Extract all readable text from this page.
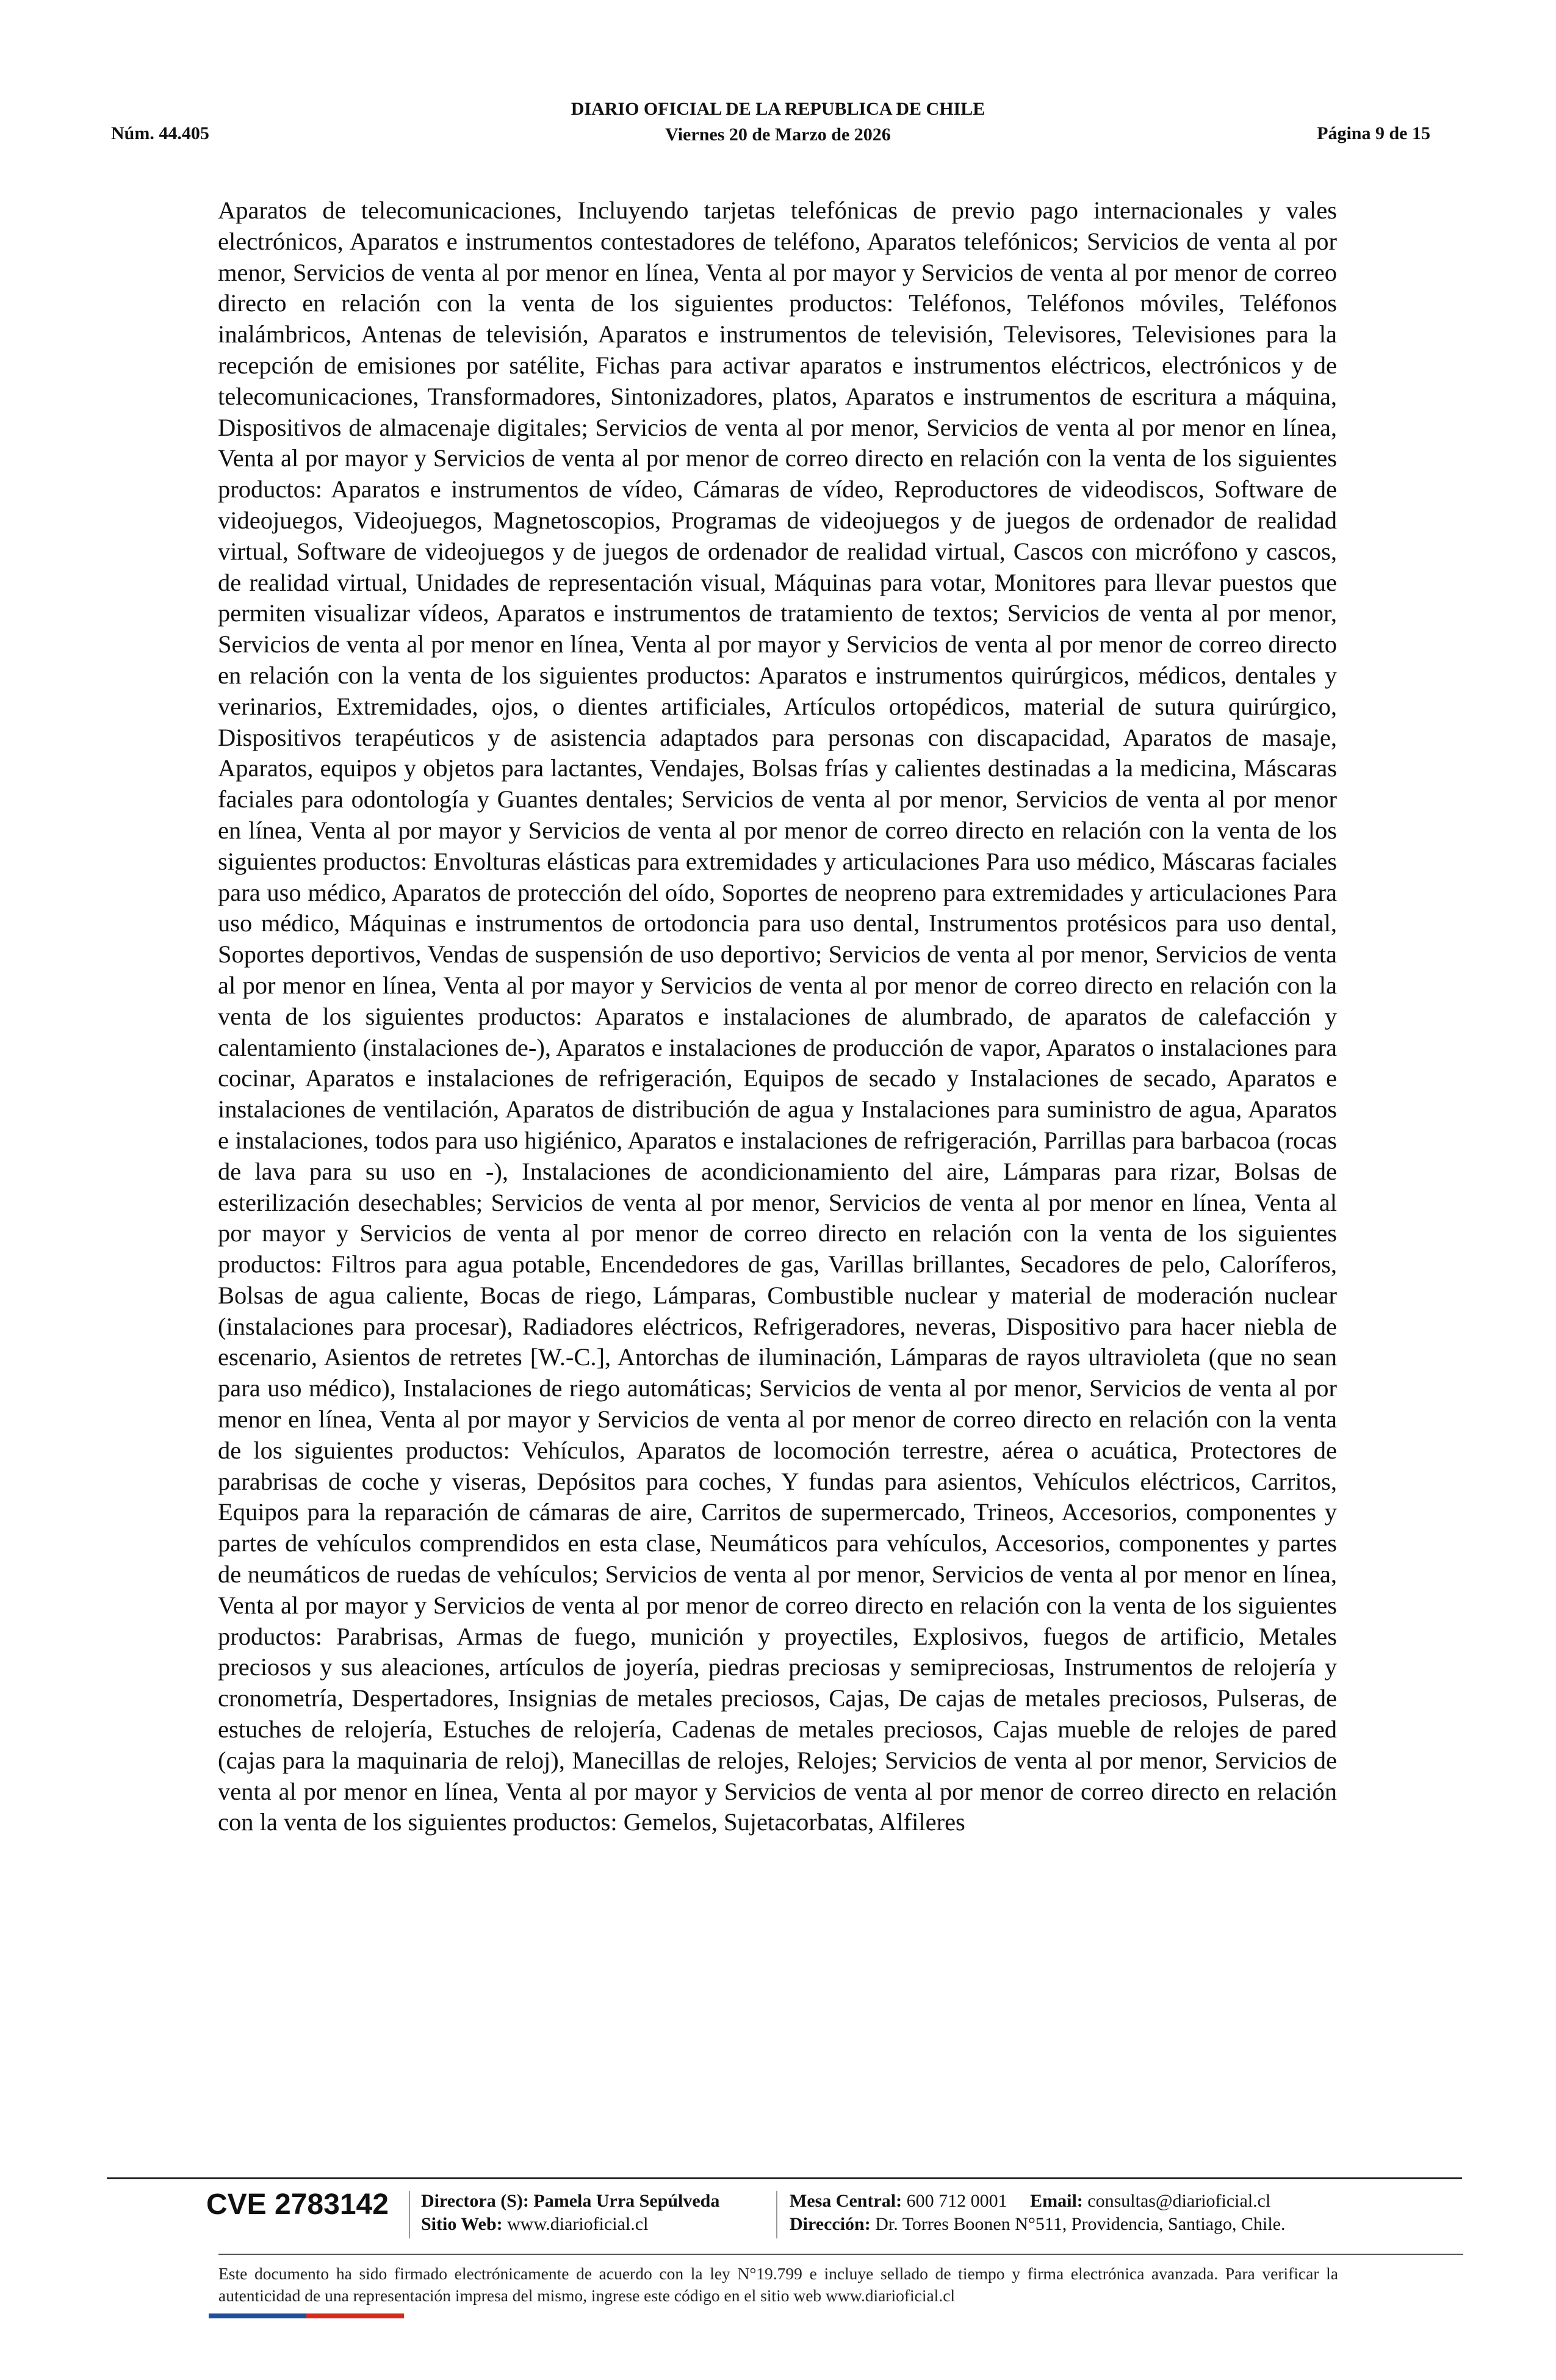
Núm. 44.405
DIARIO OFICIAL DE LA REPUBLICA DE CHILE
Viernes 20 de Marzo de 2026	Página 9 de 15
Aparatos de telecomunicaciones, Incluyendo tarjetas telefónicas de previo pago internacionales y vales electrónicos, Aparatos e instrumentos contestadores de teléfono, Aparatos telefónicos; Servicios de venta al por menor, Servicios de venta al por menor en línea, Venta al por mayor y Servicios de venta al por menor de correo directo en relación con la venta de los siguientes productos: Teléfonos, Teléfonos móviles, Teléfonos inalámbricos, Antenas de televisión, Aparatos e instrumentos de televisión, Televisores, Televisiones para la recepción de emisiones por satélite, Fichas para activar aparatos e instrumentos eléctricos, electrónicos y de telecomunicaciones, Transformadores, Sintonizadores, platos, Aparatos e instrumentos de escritura a máquina, Dispositivos de almacenaje digitales; Servicios de venta al por menor, Servicios de venta al por menor en línea, Venta al por mayor y Servicios de venta al por menor de correo directo en relación con la venta de los siguientes productos: Aparatos e instrumentos de vídeo, Cámaras de vídeo, Reproductores de videodiscos, Software de videojuegos, Videojuegos, Magnetoscopios, Programas de videojuegos y de juegos de ordenador de realidad virtual, Software de videojuegos y de juegos de ordenador de realidad virtual, Cascos con micrófono y cascos, de realidad virtual, Unidades de representación visual, Máquinas para votar, Monitores para llevar puestos que permiten visualizar vídeos, Aparatos e instrumentos de tratamiento de textos; Servicios de venta al por menor, Servicios de venta al por menor en línea, Venta al por mayor y Servicios de venta al por menor de correo directo en relación con la venta de los siguientes productos: Aparatos e instrumentos quirúrgicos, médicos, dentales y verinarios, Extremidades, ojos, o dientes artificiales, Artículos ortopédicos, material de sutura quirúrgico, Dispositivos terapéuticos y de asistencia adaptados para personas con discapacidad, Aparatos de masaje, Aparatos, equipos y objetos para lactantes, Vendajes, Bolsas frías y calientes destinadas a la medicina, Máscaras faciales para odontología y Guantes dentales; Servicios de venta al por menor, Servicios de venta al por menor en línea, Venta al por mayor y Servicios de venta al por menor de correo directo en relación con la venta de los siguientes productos: Envolturas elásticas para extremidades y articulaciones Para uso médico, Máscaras faciales para uso médico, Aparatos de protección del oído, Soportes de neopreno para extremidades y articulaciones Para uso médico, Máquinas e instrumentos de ortodoncia para uso dental, Instrumentos protésicos para uso dental, Soportes deportivos, Vendas de suspensión de uso deportivo; Servicios de venta al por menor, Servicios de venta al por menor en línea, Venta al por mayor y Servicios de venta al por menor de correo directo en relación con la venta de los siguientes productos: Aparatos e instalaciones de alumbrado, de aparatos de calefacción y calentamiento (instalaciones de-), Aparatos e instalaciones de producción de vapor, Aparatos o instalaciones para cocinar, Aparatos e instalaciones de refrigeración, Equipos de secado y Instalaciones de secado, Aparatos e instalaciones de ventilación, Aparatos de distribución de agua y Instalaciones para suministro de agua, Aparatos e instalaciones, todos para uso higiénico, Aparatos e instalaciones de refrigeración, Parrillas para barbacoa (rocas de lava para su uso en -), Instalaciones de acondicionamiento del aire, Lámparas para rizar, Bolsas de esterilización desechables; Servicios de venta al por menor, Servicios de venta al por menor en línea, Venta al por mayor y Servicios de venta al por menor de correo directo en relación con la venta de los siguientes productos: Filtros para agua potable, Encendedores de gas, Varillas brillantes, Secadores de pelo, Caloríferos, Bolsas de agua caliente, Bocas de riego, Lámparas, Combustible nuclear y material de moderación nuclear (instalaciones para procesar), Radiadores eléctricos, Refrigeradores, neveras, Dispositivo para hacer niebla de escenario, Asientos de retretes [W.-C.], Antorchas de iluminación, Lámparas de rayos ultravioleta (que no sean para uso médico), Instalaciones de riego automáticas; Servicios de venta al por menor, Servicios de venta al por menor en línea, Venta al por mayor y Servicios de venta al por menor de correo directo en relación con la venta de los siguientes productos: Vehículos, Aparatos de locomoción terrestre, aérea o acuática, Protectores de parabrisas de coche y viseras, Depósitos para coches, Y fundas para asientos, Vehículos eléctricos, Carritos, Equipos para la reparación de cámaras de aire, Carritos de supermercado, Trineos, Accesorios, componentes y partes de vehículos comprendidos en esta clase, Neumáticos para vehículos, Accesorios, componentes y partes de neumáticos de ruedas de vehículos; Servicios de venta al por menor, Servicios de venta al por menor en línea, Venta al por mayor y Servicios de venta al por menor de correo directo en relación con la venta de los siguientes productos: Parabrisas, Armas de fuego, munición y proyectiles, Explosivos, fuegos de artificio, Metales preciosos y sus aleaciones, artículos de joyería, piedras preciosas y semipreciosas, Instrumentos de relojería y cronometría, Despertadores, Insignias de metales preciosos, Cajas, De cajas de metales preciosos, Pulseras, de estuches de relojería, Estuches de relojería, Cadenas de metales preciosos, Cajas mueble de relojes de pared (cajas para la maquinaria de reloj), Manecillas de relojes, Relojes; Servicios de venta al por menor, Servicios de venta al por menor en línea, Venta al por mayor y Servicios de venta al por menor de correo directo en relación con la venta de los siguientes productos: Gemelos, Sujetacorbatas, Alfileres
CVE 2783142 Directora (S): Pamela Urra Sepúlveda
Sitio Web: www.diarioficial.cl
Mesa Central: 600 712 0001 Email: consultas@diarioficial.cl
Dirección: Dr. Torres Boonen N°511, Providencia, Santiago, Chile.
Este documento ha sido firmado electrónicamente de acuerdo con la ley N°19.799 e incluye sellado de tiempo y firma electrónica avanzada. Para verificar la autenticidad de una representación impresa del mismo, ingrese este código en el sitio web www.diarioficial.cl
